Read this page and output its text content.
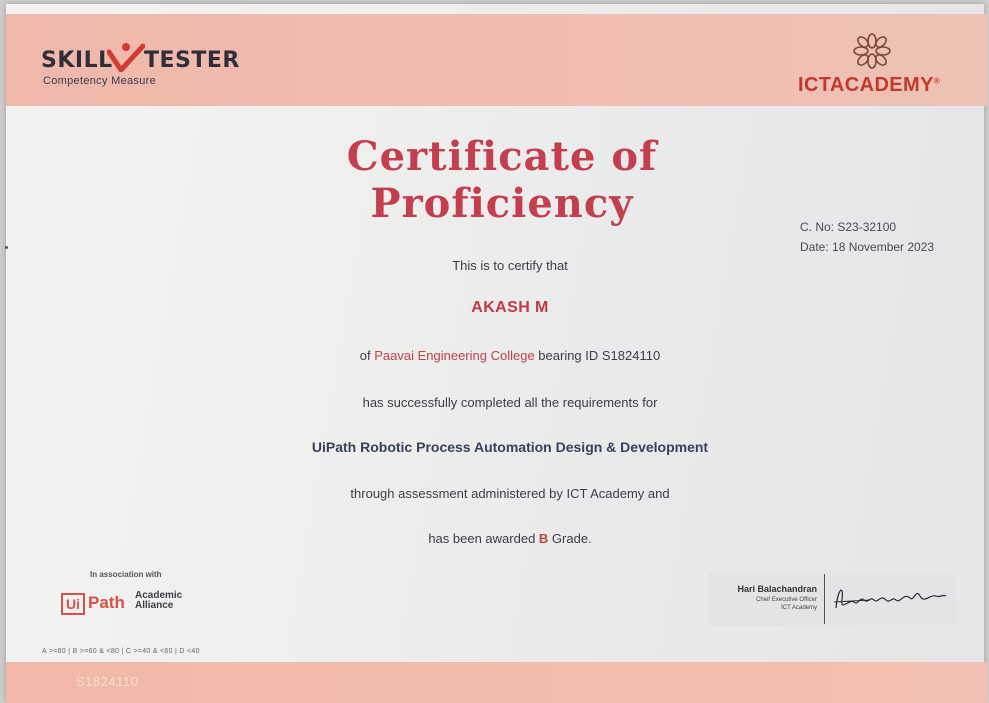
SKILL TESTER
Competency Measure	ICTACADEMY®
Certificate of Proficiency	C. No: S23-32100
Date: 18 November 2023
This is to certify that
AKASH M
of Paavai Engineering College bearing ID S1824110
has successfully completed all the requirements for
UiPath Robotic Process Automation Design & Development
through assessment administered by ICT Academy and
has been awarded B Grade.
In association with
Ui Path Academic
Alliance
A >=80 | B >=60 & <80 | C >=40 & <60 | D <40
S1824110
Hari Balachandran
Chief Executive Officer
ICT Academy
